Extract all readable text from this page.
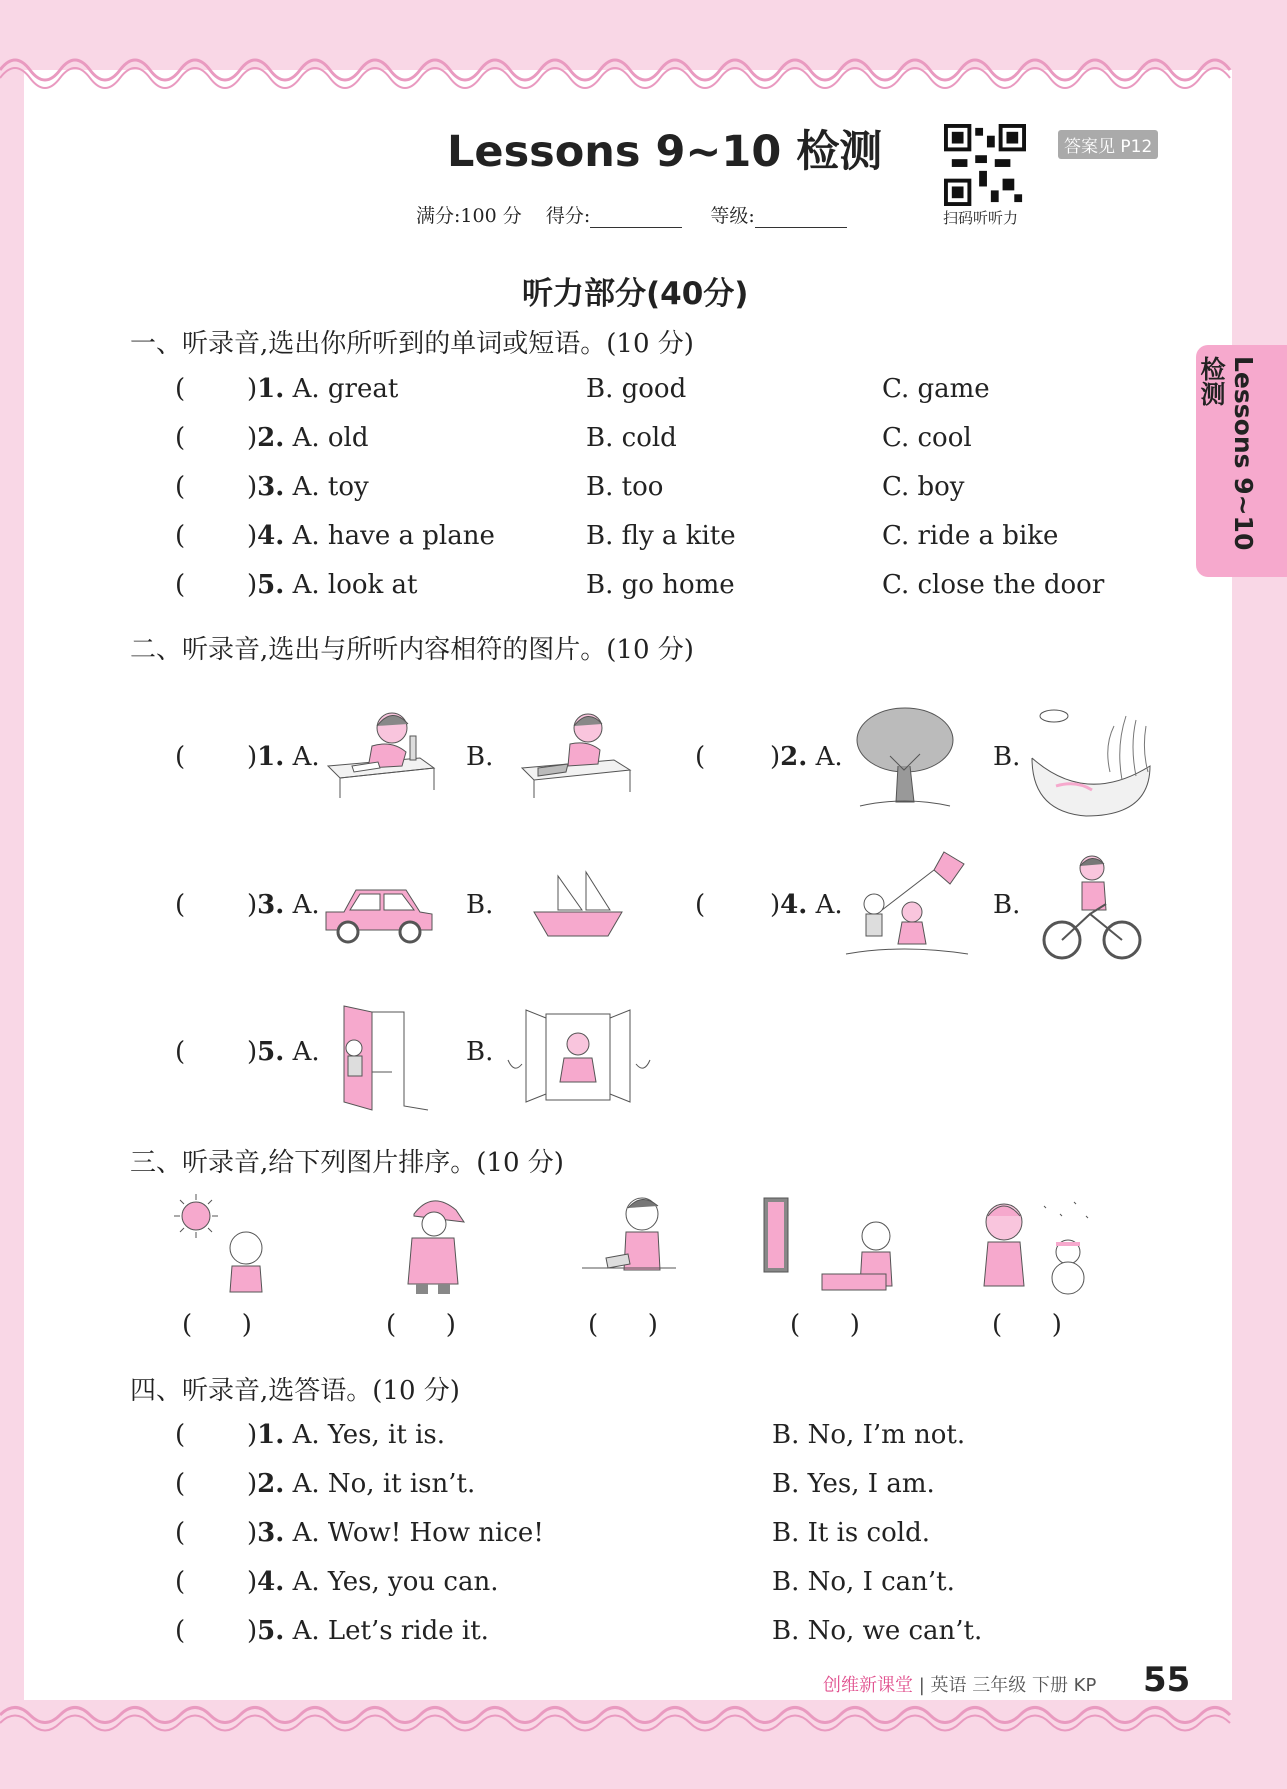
Lessons 9~10 检测
Lessons 9~10 检测
满分:100 分 得分:	等级:	扫码听听力
答案见 P12
听力部分(40分)
一、听录音,选出你所听到的单词或短语。(10 分)
( )1. A. great	B. good	C. game
( )2. A. old	B. cold	C. cool
( )3. A. toy	B. too	C. boy
( )4. A. have a plane	B. fly a kite	C. ride a bike
( )5. A. look at	B. go home	C. close the door
二、听录音,选出与所听内容相符的图片。(10 分)
( )1. A.	B.	( )2. A.	B.
( )3. A.	B.	( )4. A.	B.
( )5. A.	B.
三、听录音,给下列图片排序。(10 分)
(      )	(      )	(      )	(      )	(      )
四、听录音,选答语。(10 分)
( )1. A. Yes, it is.	B. No, I’m not.
( )2. A. No, it isn’t.	B. Yes, I am.
( )3. A. Wow! How nice!	B. It is cold.
( )4. A. Yes, you can.	B. No, I can’t.
( )5. A. Let’s ride it.	B. No, we can’t.
创维新课堂 | 英语 三年级 下册 KP 55
